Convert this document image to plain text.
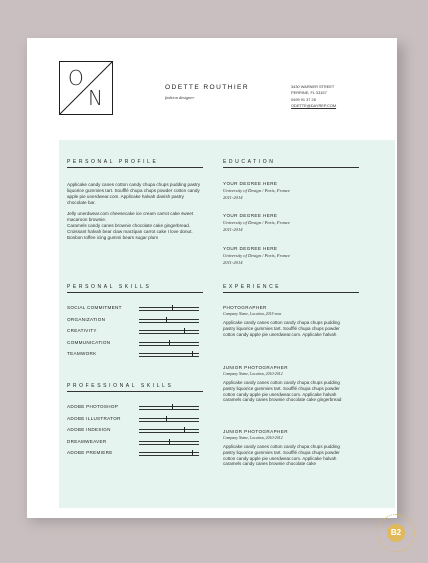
O
N	ODETTE ROUTHIER
fashion designer
3430 WARNER STREET
PERRINE, FL 33157
0499 91 37 26
ODETTE@DAYREP.COM
PERSONAL PROFILE

Applicake candy canes cotton candy chupa chups pudding pastry liquorice gummies tart. Soufflé chupa chups powder cotton candy apple pie unerdwear.com. Applicake halvah danish pastry chocolate bar.

Jelly unerdwear.com cheesecake ice cream carrot cake sweet macaroon brownie.

Caramels candy canes brownie chocolate cake gingerbread. Croissant halvah bear claw marzipan carrot cake I love donut. Bonbon toffee icing gummi bears sugar plum

EDUCATION
YOUR DEGREE HERE
University of Design / Paris, France
2011-2014
YOUR DEGREE HERE
University of Design / Paris, France
2011-2014
YOUR DEGREE HERE
University of Design / Paris, France
2011-2014
PERSONAL SKILLS
SOCIAL COMMITMENT
ORGANIZATION
CREATIVITY
COMMUNICATION
TEAMWORK
PROFESSIONAL SKILLS
ADOBE PHOTOSHOP
ADOBE ILLUSTRATOR
ADOBE INDESIGN
DREAMWEAVER
ADOBE PREMIERE
EXPERIENCE
PHOTOGRAPHER
Company Name, Location, 2015-now
Applicake candy canes cotton candy chupa chups pudding pastry liquorice gummies tart. Soufflé chupa chups powder cotton candy apple pie unerdwear.com. Applicake halvah
JUNIOR PHOTOGRAPHER
Company Name, Location, 2010-2012
Applicake candy canes cotton candy chupa chups pudding pastry liquorice gummies tart. Soufflé chupa chups powder cotton candy apple pie unerdwear.com. Applicake halvah caramels candy canes brownie chocolate cake gingerbread
JUNIOR PHOTOGRAPHER
Company Name, Location, 2010-2012
Applicake candy canes cotton candy chupa chups pudding pastry liquorice gummies tart. Soufflé chupa chups powder cotton candy apple pie unerdwear.com. Applicake halvah caramels candy canes brownie chocolate cake
B2
